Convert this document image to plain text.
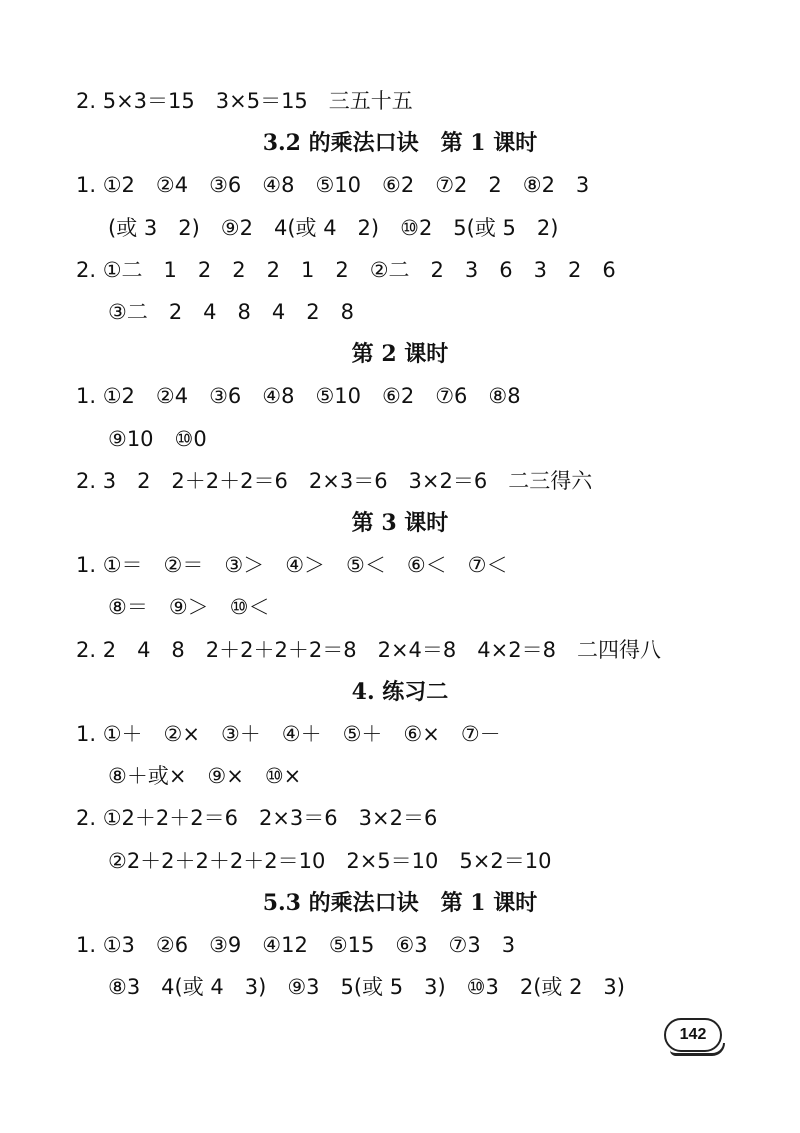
2. 5×3＝15　3×5＝15　三五十五
3.2 的乘法口诀　第 1 课时
1. ①2　②4　③6　④8　⑤10　⑥2　⑦2　2　⑧2　3
(或 3　2)　⑨2　4(或 4　2)　⑩2　5(或 5　2)
2. ①二　1　2　2　2　1　2　②二　2　3　6　3　2　6
③二　2　4　8　4　2　8
第 2 课时
1. ①2　②4　③6　④8　⑤10　⑥2　⑦6　⑧8
⑨10　⑩0
2. 3　2　2＋2＋2＝6　2×3＝6　3×2＝6　二三得六
第 3 课时
1. ①＝　②＝　③＞　④＞　⑤＜　⑥＜　⑦＜
⑧＝　⑨＞　⑩＜
2. 2　4　8　2＋2＋2＋2＝8　2×4＝8　4×2＝8　二四得八
4. 练习二
1. ①＋　②×　③＋　④＋　⑤＋　⑥×　⑦－
⑧＋或×　⑨×　⑩×
2. ①2＋2＋2＝6　2×3＝6　3×2＝6
②2＋2＋2＋2＋2＝10　2×5＝10　5×2＝10
5.3 的乘法口诀　第 1 课时
1. ①3　②6　③9　④12　⑤15　⑥3　⑦3　3
⑧3　4(或 4　3)　⑨3　5(或 5　3)　⑩3　2(或 2　3)
142
